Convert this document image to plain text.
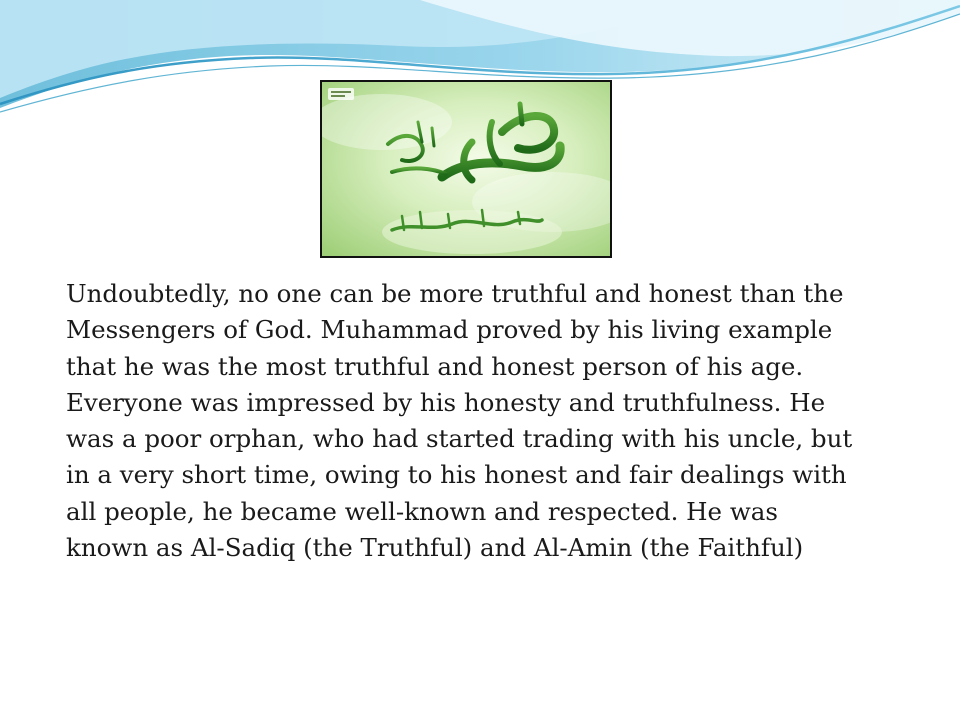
Undoubtedly, no one can be more truthful and honest than the Messengers of God. Muhammad proved by his living example that he was the most truthful and honest person of his age. Everyone was impressed by his honesty and truthfulness. He was a poor orphan, who had started trading with his uncle, but in a very short time, owing to his honest and fair dealings with all people, he became well-known and respected. He was known as Al-Sadiq (the Truthful) and Al-Amin (the Faithful)
